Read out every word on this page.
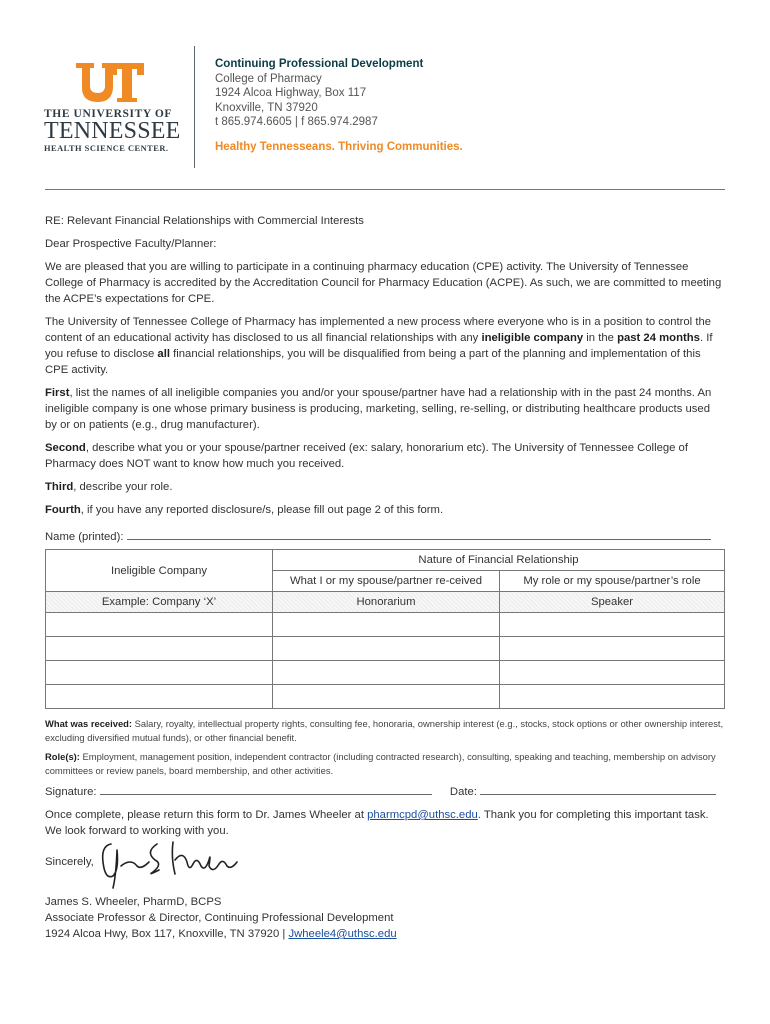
THE UNIVERSITY OF
TENNESSEE
HEALTH SCIENCE CENTER.
Continuing Professional Development
College of Pharmacy
1924 Alcoa Highway, Box 117
Knoxville, TN 37920
t 865.974.6605 | f 865.974.2987
Healthy Tennesseans. Thriving Communities.

RE: Relevant Financial Relationships with Commercial Interests

Dear Prospective Faculty/Planner:

We are pleased that you are willing to participate in a continuing pharmacy education (CPE) activity. The University of Tennessee College of Pharmacy is accredited by the Accreditation Council for Pharmacy Education (ACPE). As such, we are committed to meeting the ACPE’s expectations for CPE.

The University of Tennessee College of Pharmacy has implemented a new process where everyone who is in a position to control the content of an educational activity has disclosed to us all financial relationships with any ineligible company in the past 24 months. If you refuse to disclose all financial relationships, you will be disqualified from being a part of the planning and implementation of this CPE activity.

First, list the names of all ineligible companies you and/or your spouse/partner have had a relationship with in the past 24 months. An ineligible company is one whose primary business is producing, marketing, selling, re-selling, or distributing healthcare products used by or on patients (e.g., drug manufacturer).

Second, describe what you or your spouse/partner received (ex: salary, honorarium etc). The University of Tennessee College of Pharmacy does NOT want to know how much you received.

Third, describe your role.

Fourth, if you have any reported disclosure/s, please fill out page 2 of this form.

Name (printed):

Ineligible Company	Nature of Financial Relationship	
	What I or my spouse/partner re-ceived	My role or my spouse/partner’s role
Example: Company ‘X’	Honorarium	Speaker

What was received: Salary, royalty, intellectual property rights, consulting fee, honoraria, ownership interest (e.g., stocks, stock options or other ownership interest, excluding diversified mutual funds), or other financial benefit.

Role(s): Employment, management position, independent contractor (including contracted research), consulting, speaking and teaching, membership on advisory committees or review panels, board membership, and other activities.

Signature:	Date:

Once complete, please return this form to Dr. James Wheeler at pharmcpd@uthsc.edu. Thank you for completing this important task. We look forward to working with you.

Sincerely,

James S. Wheeler, PharmD, BCPS
Associate Professor & Director, Continuing Professional Development
1924 Alcoa Hwy, Box 117, Knoxville, TN 37920 | Jwheele4@uthsc.edu
